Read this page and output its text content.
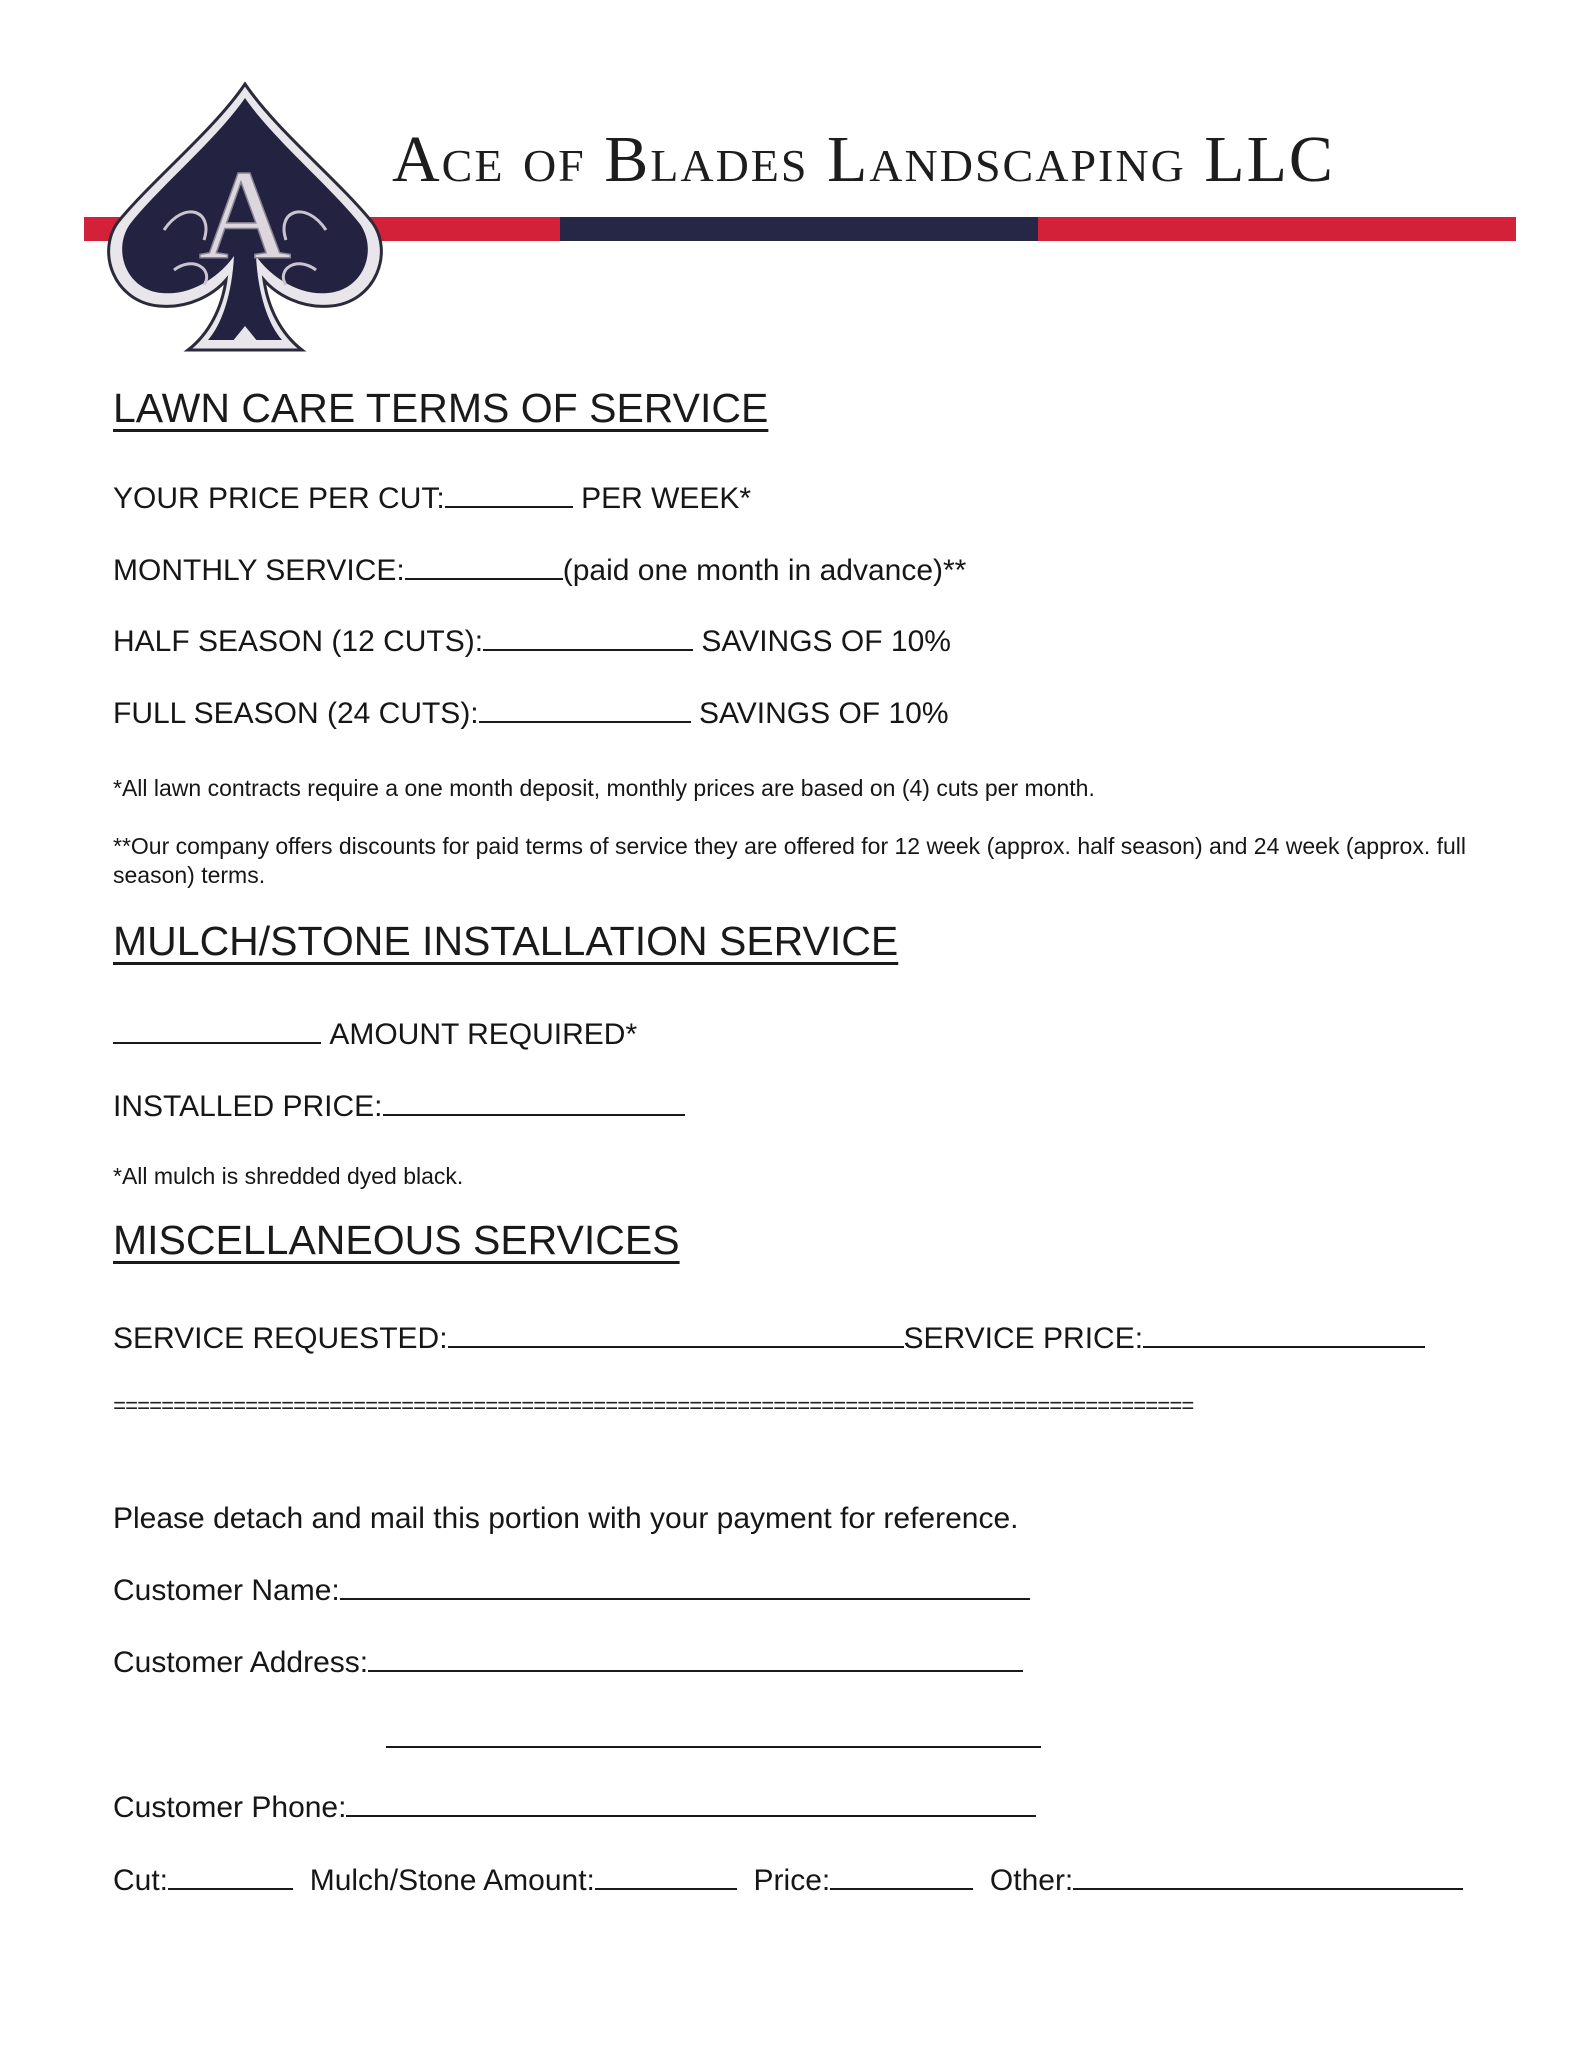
A Ace of Blades Landscaping LLC
LAWN CARE TERMS OF SERVICE
YOUR PRICE PER CUT:	PER WEEK*
MONTHLY SERVICE:	(paid one month in advance)**
HALF SEASON (12 CUTS):	SAVINGS OF 10%
FULL SEASON (24 CUTS):	SAVINGS OF 10%
*All lawn contracts require a one month deposit, monthly prices are based on (4) cuts per month.
**Our company offers discounts for paid terms of service they are offered for 12 week (approx. half season) and 24 week (approx. full season) terms.
MULCH/STONE INSTALLATION SERVICE
AMOUNT REQUIRED*
INSTALLED PRICE:
*All mulch is shredded dyed black.
MISCELLANEOUS SERVICES
SERVICE REQUESTED:	SERVICE PRICE:
==========================================================================================
Please detach and mail this portion with your payment for reference.
Customer Name:
Customer Address:
Customer Phone:
Cut:	Mulch/Stone Amount:	Price:	Other:
